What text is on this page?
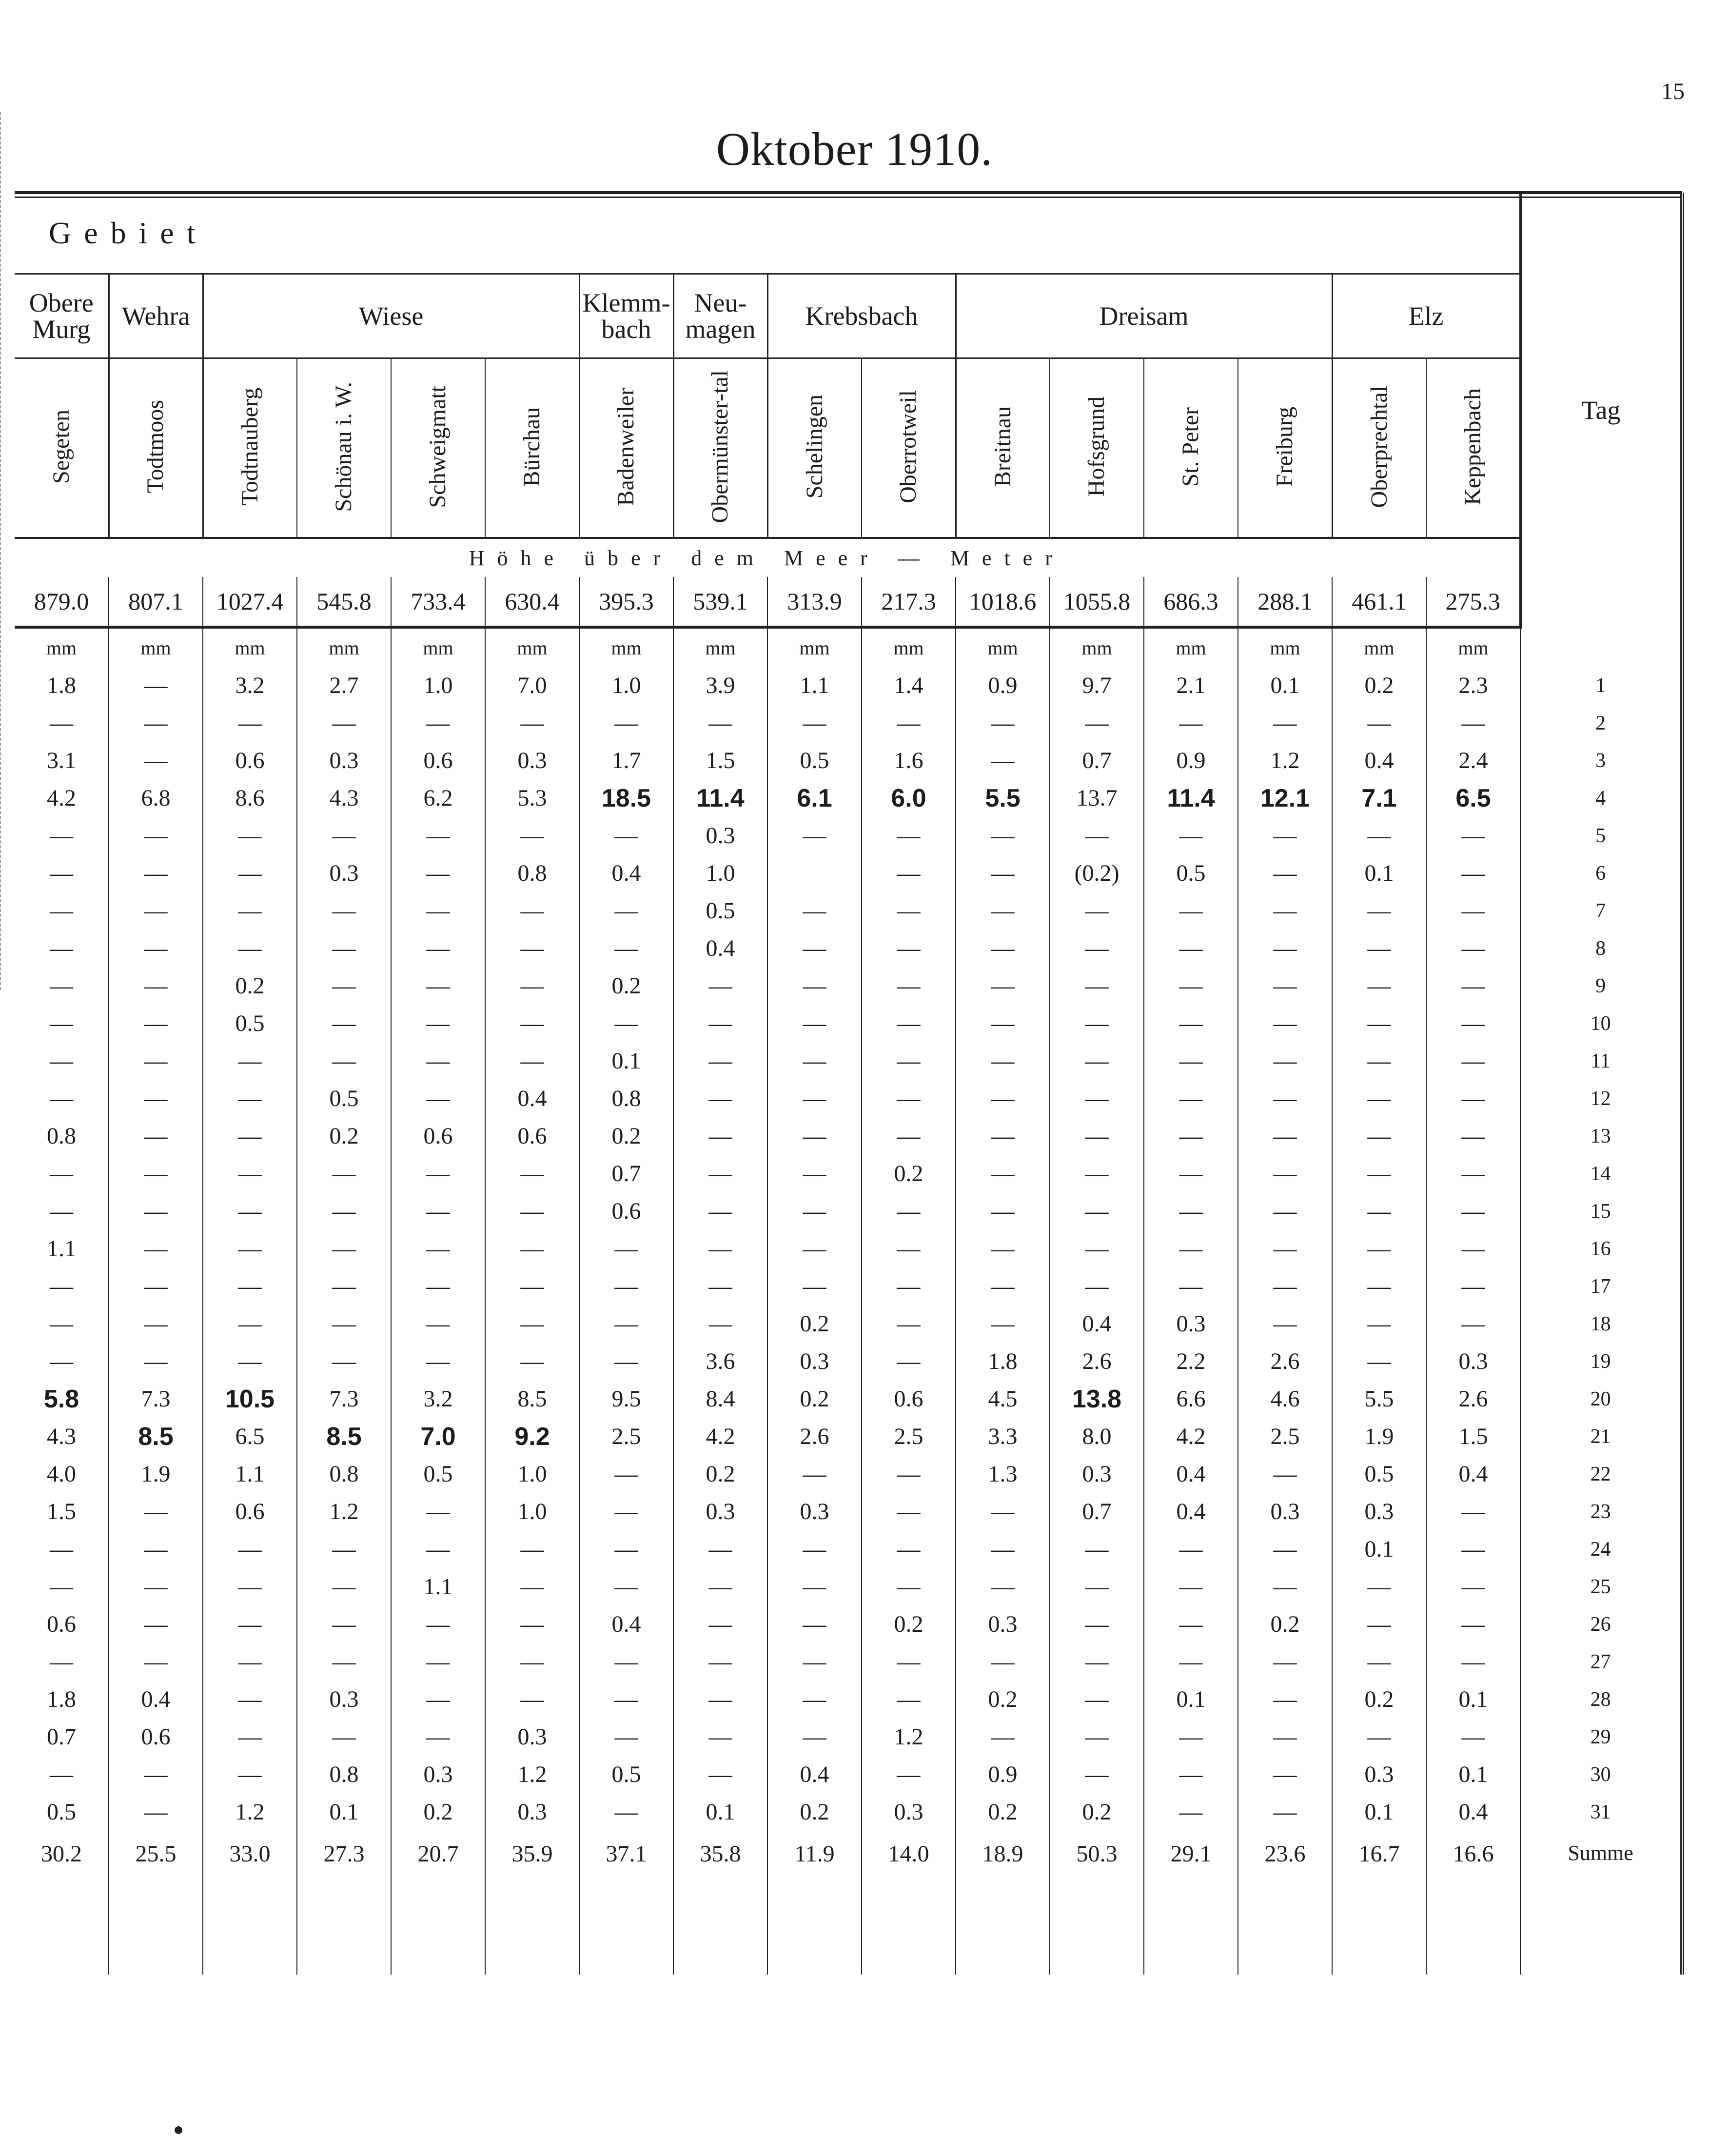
15
Oktober 1910.
Gebiet																Tag
Obere Murg	Wehra	Wiese				Klemm-bach	Neu-magen	Krebsbach		Dreisam				Elz		
Segeten	Todtmoos	Todtnauberg	Schönau i. W.	Schweigmatt	Bürchau	Badenweiler	Obermünster-tal	Schelingen	Oberrotweil	Breitnau	Hofsgrund	St. Peter	Freiburg	Oberprechtal	Keppenbach	
Höhe über dem Meer — Meter																
879.0	807.1	1027.4	545.8	733.4	630.4	395.3	539.1	313.9	217.3	1018.6	1055.8	686.3	288.1	461.1	275.3	
mm	mm	mm	mm	mm	mm	mm	mm	mm	mm	mm	mm	mm	mm	mm	mm	
1.8	—	3.2	2.7	1.0	7.0	1.0	3.9	1.1	1.4	0.9	9.7	2.1	0.1	0.2	2.3	1
—	—	—	—	—	—	—	—	—	—	—	—	—	—	—	—	2
3.1	—	0.6	0.3	0.6	0.3	1.7	1.5	0.5	1.6	—	0.7	0.9	1.2	0.4	2.4	3
4.2	6.8	8.6	4.3	6.2	5.3	18.5	11.4	6.1	6.0	5.5	13.7	11.4	12.1	7.1	6.5	4
—	—	—	—	—	—	—	0.3	—	—	—	—	—	—	—	—	5
—	—	—	0.3	—	0.8	0.4	1.0		—	—	(0.2)	0.5	—	0.1	—	6
—	—	—	—	—	—	—	0.5	—	—	—	—	—	—	—	—	7
—	—	—	—	—	—	—	0.4	—	—	—	—	—	—	—	—	8
—	—	0.2	—	—	—	0.2	—	—	—	—	—	—	—	—	—	9
—	—	0.5	—	—	—	—	—	—	—	—	—	—	—	—	—	10
—	—	—	—	—	—	0.1	—	—	—	—	—	—	—	—	—	11
—	—	—	0.5	—	0.4	0.8	—	—	—	—	—	—	—	—	—	12
0.8	—	—	0.2	0.6	0.6	0.2	—	—	—	—	—	—	—	—	—	13
—	—	—	—	—	—	0.7	—	—	0.2	—	—	—	—	—	—	14
—	—	—	—	—	—	0.6	—	—	—	—	—	—	—	—	—	15
1.1	—	—	—	—	—	—	—	—	—	—	—	—	—	—	—	16
—	—	—	—	—	—	—	—	—	—	—	—	—	—	—	—	17
—	—	—	—	—	—	—	—	0.2	—	—	0.4	0.3	—	—	—	18
—	—	—	—	—	—	—	3.6	0.3	—	1.8	2.6	2.2	2.6	—	0.3	19
5.8	7.3	10.5	7.3	3.2	8.5	9.5	8.4	0.2	0.6	4.5	13.8	6.6	4.6	5.5	2.6	20
4.3	8.5	6.5	8.5	7.0	9.2	2.5	4.2	2.6	2.5	3.3	8.0	4.2	2.5	1.9	1.5	21
4.0	1.9	1.1	0.8	0.5	1.0	—	0.2	—	—	1.3	0.3	0.4	—	0.5	0.4	22
1.5	—	0.6	1.2	—	1.0	—	0.3	0.3	—	—	0.7	0.4	0.3	0.3	—	23
—	—	—	—	—	—	—	—	—	—	—	—	—	—	0.1	—	24
—	—	—	—	1.1	—	—	—	—	—	—	—	—	—	—	—	25
0.6	—	—	—	—	—	0.4	—	—	0.2	0.3	—	—	0.2	—	—	26
—	—	—	—	—	—	—	—	—	—	—	—	—	—	—	—	27
1.8	0.4	—	0.3	—	—	—	—	—	—	0.2	—	0.1	—	0.2	0.1	28
0.7	0.6	—	—	—	0.3	—	—	—	1.2	—	—	—	—	—	—	29
—	—	—	0.8	0.3	1.2	0.5	—	0.4	—	0.9	—	—	—	0.3	0.1	30
0.5	—	1.2	0.1	0.2	0.3	—	0.1	0.2	0.3	0.2	0.2	—	—	0.1	0.4	31
30.2	25.5	33.0	27.3	20.7	35.9	37.1	35.8	11.9	14.0	18.9	50.3	29.1	23.6	16.7	16.6	Summe
